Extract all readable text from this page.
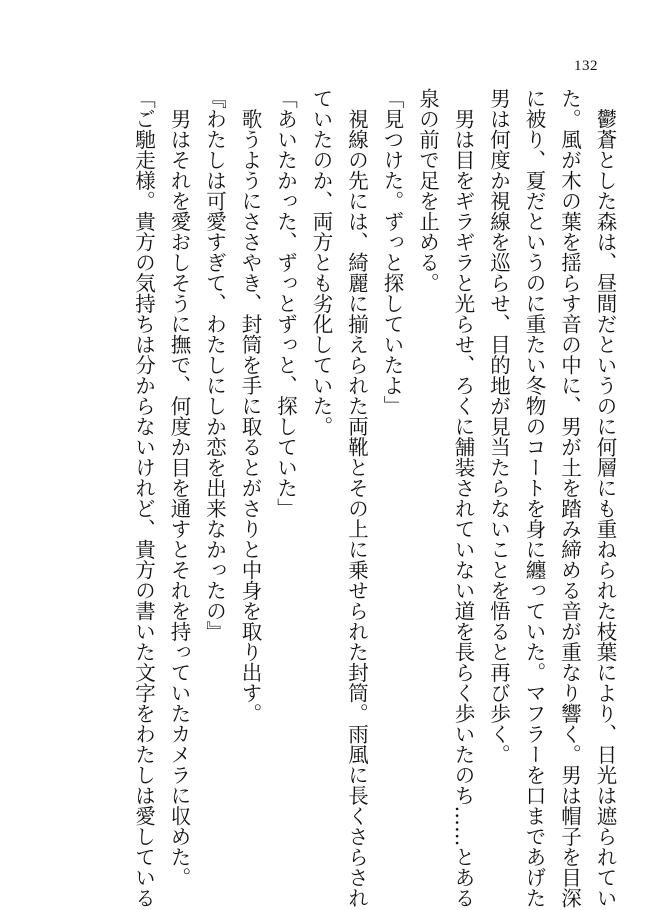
132
　鬱蒼とした森は、昼間だというのに何層にも重ねられた枝葉により、日光は遮られてい
た。風が木の葉を揺らす音の中に、男が土を踏み締める音が重なり響く。男は帽子を目深
に被り、夏だというのに重たい冬物のコートを身に纏っていた。マフラーを口まであげた
男は何度か視線を巡らせ、目的地が見当たらないことを悟ると再び歩く。
　男は目をギラギラと光らせ、ろくに舗装されていない道を長らく歩いたのち……とある
泉の前で足を止める。
「見つけた。ずっと探していたよ」
　視線の先には、綺麗に揃えられた両靴とその上に乗せられた封筒。雨風に長くさらされ
ていたのか、両方とも劣化していた。
「あいたかった、ずっとずっと、探していた」
　歌うようにささやき、封筒を手に取るとがさりと中身を取り出す。
『わたしは可愛すぎて、わたしにしか恋を出来なかったの』
　男はそれを愛おしそうに撫で、何度か目を通すとそれを持っていたカメラに収めた。
「ご馳走様。貴方の気持ちは分からないけれど、貴方の書いた文字をわたしは愛している
